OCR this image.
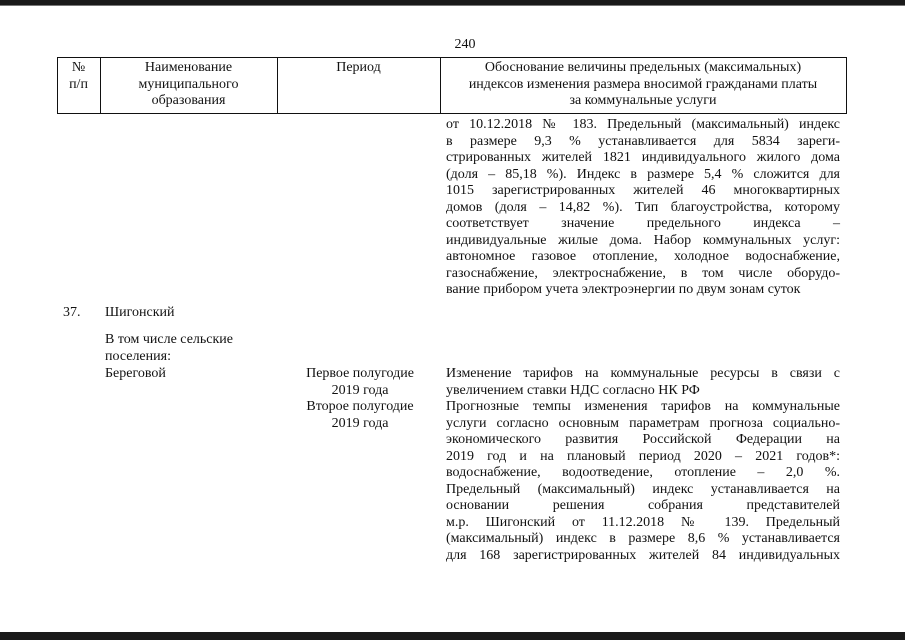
240
№
п/п
Наименование
муниципального
образования
Период	Обоснование величины предельных (максимальных)
индексов изменения размера вносимой гражданами платы
за коммунальные услуги
от 10.12.2018 № 183. Предельный (максимальный) индекс
в размере 9,3 % устанавливается для 5834 зареги-
стрированных жителей 1821 индивидуального жилого дома
(доля – 85,18 %). Индекс в размере 5,4 % сложится для
1015 зарегистрированных жителей 46 многоквартирных
домов (доля – 14,82 %). Тип благоустройства, которому
соответствует значение предельного индекса –
индивидуальные жилые дома. Набор коммунальных услуг:
автономное газовое отопление, холодное водоснабжение,
газоснабжение, электроснабжение, в том числе оборудо-
вание прибором учета электроэнергии по двум зонам суток
37. Шигонский
В том числе сельские
поселения:
Береговой	Первое полугодие
2019 года
Второе полугодие
2019 года
Изменение тарифов на коммунальные ресурсы в связи с
увеличением ставки НДС согласно НК РФ
Прогнозные темпы изменения тарифов на коммунальные
услуги согласно основным параметрам прогноза социально-
экономического развития Российской Федерации на
2019 год и на плановый период 2020 – 2021 годов*:
водоснабжение, водоотведение, отопление – 2,0 %.
Предельный (максимальный) индекс устанавливается на
основании решения собрания представителей
м.р. Шигонский от 11.12.2018 № 139. Предельный
(максимальный) индекс в размере 8,6 % устанавливается
для 168 зарегистрированных жителей 84 индивидуальных
